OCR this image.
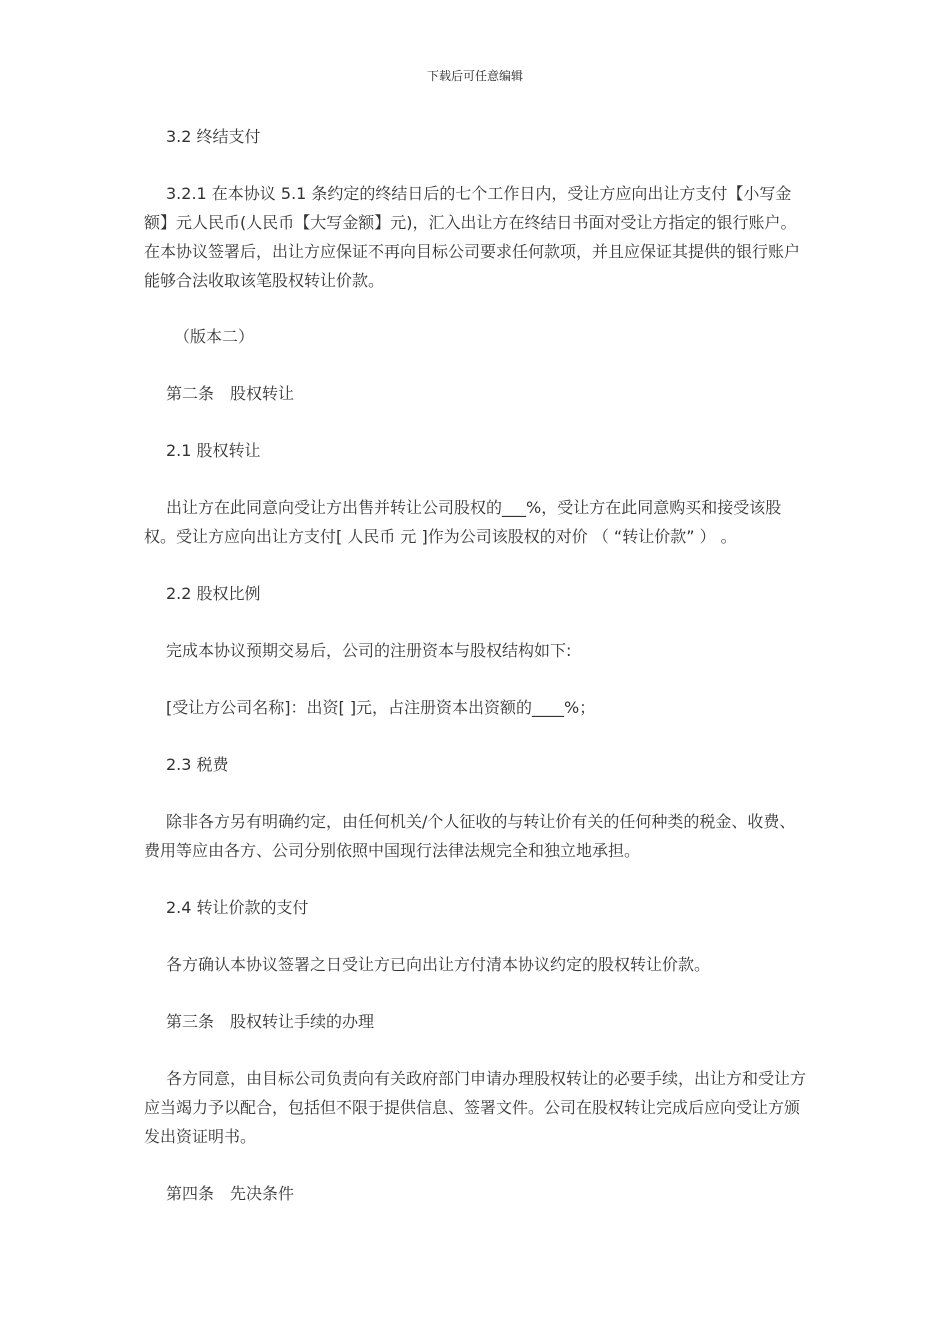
下载后可任意编辑

3.2 终结支付

3.2.1 在本协议 5.1 条约定的终结日后的七个工作日内，受让方应向出让方支付【小写金额】元人民币(人民币【大写金额】元)，汇入出让方在终结日书面对受让方指定的银行账户。在本协议签署后，出让方应保证不再向目标公司要求任何款项，并且应保证其提供的银行账户能够合法收取该笔股权转让价款。

（版本二）

第二条　股权转让

2.1 股权转让

出让方在此同意向受让方出售并转让公司股权的___%，受让方在此同意购买和接受该股权。受让方应向出让方支付[ 人民币 元 ]作为公司该股权的对价 （ “转让价款” ） 。

2.2 股权比例

完成本协议预期交易后，公司的注册资本与股权结构如下:

[受让方公司名称]：出资[ ]元，占注册资本出资额的____%；

2.3 税费

除非各方另有明确约定，由任何机关/个人征收的与转让价有关的任何种类的税金、收费、费用等应由各方、公司分别依照中国现行法律法规完全和独立地承担。

2.4 转让价款的支付

各方确认本协议签署之日受让方已向出让方付清本协议约定的股权转让价款。

第三条　股权转让手续的办理

各方同意，由目标公司负责向有关政府部门申请办理股权转让的必要手续，出让方和受让方应当竭力予以配合，包括但不限于提供信息、签署文件。公司在股权转让完成后应向受让方颁发出资证明书。

第四条　先决条件
